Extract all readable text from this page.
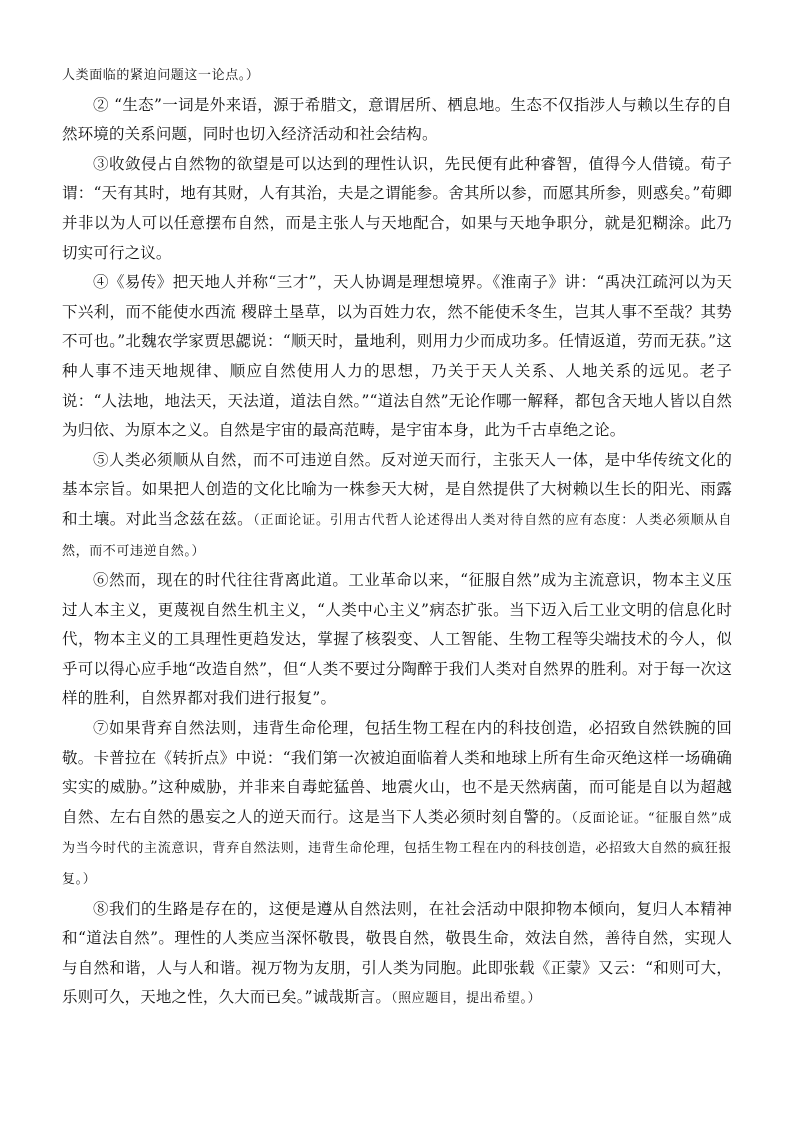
人类面临的紧迫问题这一论点。）

② “生态”一词是外来语，源于希腊文，意谓居所、栖息地。生态不仅指涉人与赖以生存的自然环境的关系问题，同时也切入经济活动和社会结构。

③收敛侵占自然物的欲望是可以达到的理性认识，先民便有此种睿智，值得今人借镜。荀子谓：“天有其时，地有其财，人有其治，夫是之谓能参。舍其所以参，而愿其所参，则惑矣。”荀卿并非以为人可以任意摆布自然，而是主张人与天地配合，如果与天地争职分，就是犯糊涂。此乃切实可行之议。

④《易传》把天地人并称“三才”，天人协调是理想境界。《淮南子》讲：“禹决江疏河以为天下兴利，而不能使水西流 稷辟土垦草，以为百姓力农，然不能使禾冬生，岂其人事不至哉？其势不可也。”北魏农学家贾思勰说：“顺天时，量地利，则用力少而成功多。任情返道，劳而无获。”这种人事不违天地规律、顺应自然使用人力的思想，乃关于天人关系、人地关系的远见。老子说：“人法地，地法天，天法道，道法自然。”“道法自然”无论作哪一解释，都包含天地人皆以自然为归依、为原本之义。自然是宇宙的最高范畴，是宇宙本身，此为千古卓绝之论。

⑤人类必须顺从自然，而不可违逆自然。反对逆天而行，主张天人一体，是中华传统文化的基本宗旨。如果把人创造的文化比喻为一株参天大树，是自然提供了大树赖以生长的阳光、雨露和土壤。对此当念兹在兹。（正面论证。引用古代哲人论述得出人类对待自然的应有态度：人类必须顺从自然，而不可违逆自然。）

⑥然而，现在的时代往往背离此道。工业革命以来，“征服自然”成为主流意识，物本主义压过人本主义，更蔑视自然生机主义，“人类中心主义”病态扩张。当下迈入后工业文明的信息化时代，物本主义的工具理性更趋发达，掌握了核裂变、人工智能、生物工程等尖端技术的今人，似乎可以得心应手地“改造自然”，但“人类不要过分陶醉于我们人类对自然界的胜利。对于每一次这样的胜利，自然界都对我们进行报复”。

⑦如果背弃自然法则，违背生命伦理，包括生物工程在内的科技创造，必招致自然铁腕的回敬。卡普拉在《转折点》中说：“我们第一次被迫面临着人类和地球上所有生命灭绝这样一场确确实实的威胁。”这种威胁，并非来自毒蛇猛兽、地震火山，也不是天然病菌，而可能是自以为超越自然、左右自然的愚妄之人的逆天而行。这是当下人类必须时刻自警的。（反面论证。“征服自然”成为当今时代的主流意识，背弃自然法则，违背生命伦理，包括生物工程在内的科技创造，必招致大自然的疯狂报复。）

⑧我们的生路是存在的，这便是遵从自然法则，在社会活动中限抑物本倾向，复归人本精神和“道法自然”。理性的人类应当深怀敬畏，敬畏自然，敬畏生命，效法自然，善待自然，实现人与自然和谐，人与人和谐。视万物为友朋，引人类为同胞。此即张载《正蒙》又云：“和则可大，乐则可久，天地之性，久大而已矣。”诚哉斯言。（照应题目，提出希望。）
